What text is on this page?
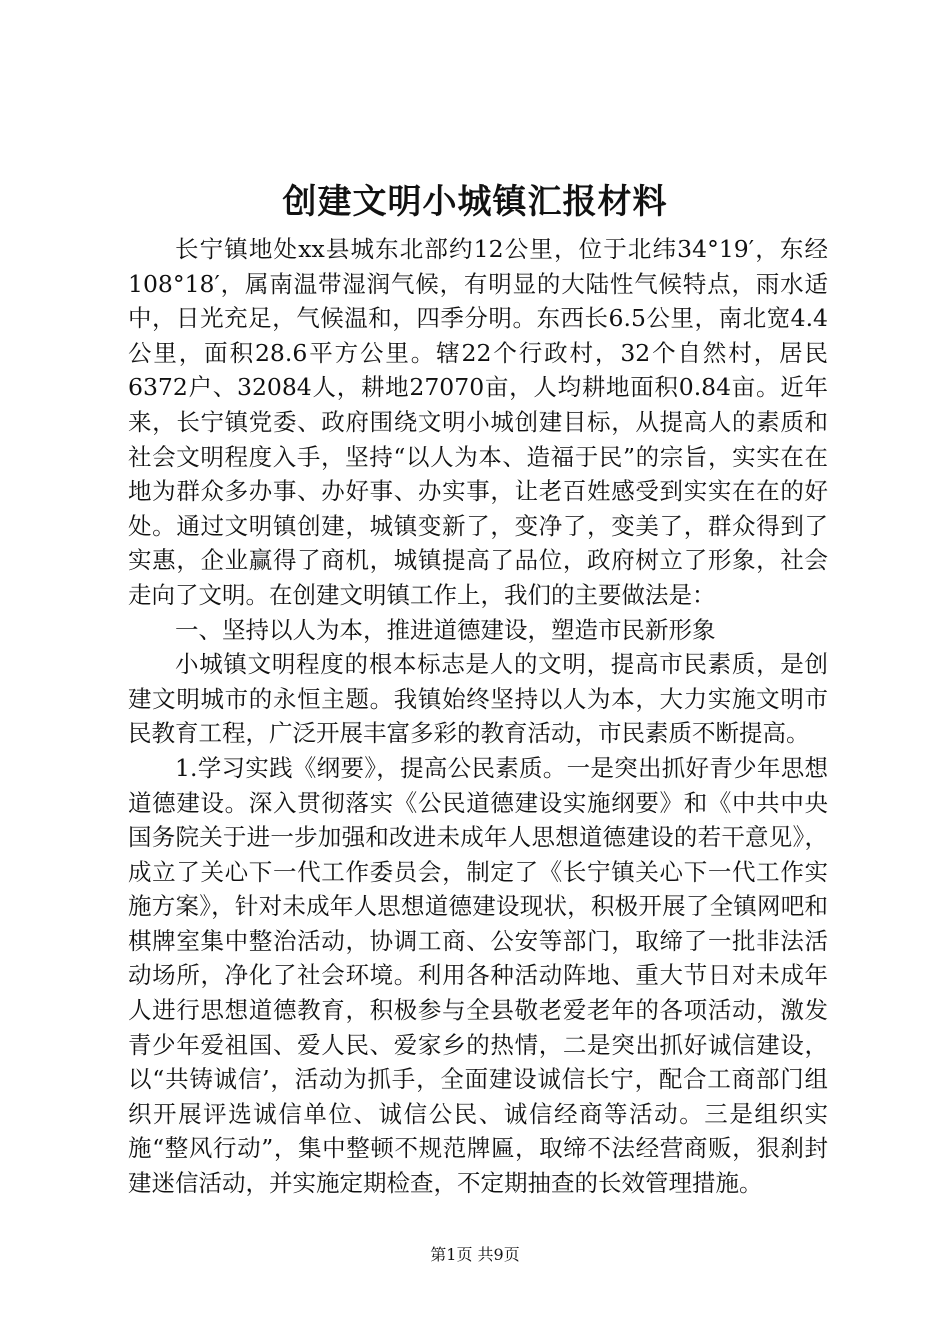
创建文明小城镇汇报材料

长宁镇地处xx县城东北部约12公里，位于北纬34°19′，东经108°18′，属南温带湿润气候，有明显的大陆性气候特点，雨水适中，日光充足，气候温和，四季分明。东西长6.5公里，南北宽4.4公里，面积28.6平方公里。辖22个行政村，32个自然村，居民6372户、32084人，耕地27070亩，人均耕地面积0.84亩。近年来，长宁镇党委、政府围绕文明小城创建目标，从提高人的素质和社会文明程度入手，坚持“以人为本、造福于民”的宗旨，实实在在地为群众多办事、办好事、办实事，让老百姓感受到实实在在的好处。通过文明镇创建，城镇变新了，变净了，变美了，群众得到了实惠，企业赢得了商机，城镇提高了品位，政府树立了形象，社会走向了文明。在创建文明镇工作上，我们的主要做法是：

一、坚持以人为本，推进道德建设，塑造市民新形象

小城镇文明程度的根本标志是人的文明，提高市民素质，是创建文明城市的永恒主题。我镇始终坚持以人为本，大力实施文明市民教育工程，广泛开展丰富多彩的教育活动，市民素质不断提高。

1.学习实践《纲要》，提高公民素质。一是突出抓好青少年思想道德建设。深入贯彻落实《公民道德建设实施纲要》和《中共中央国务院关于进一步加强和改进未成年人思想道德建设的若干意见》，成立了关心下一代工作委员会，制定了《长宁镇关心下一代工作实施方案》，针对未成年人思想道德建设现状，积极开展了全镇网吧和棋牌室集中整治活动，协调工商、公安等部门，取缔了一批非法活动场所，净化了社会环境。利用各种活动阵地、重大节日对未成年人进行思想道德教育，积极参与全县敬老爱老年的各项活动，激发青少年爱祖国、爱人民、爱家乡的热情，二是突出抓好诚信建设，以“共铸诚信’，活动为抓手，全面建设诚信长宁，配合工商部门组织开展评选诚信单位、诚信公民、诚信经商等活动。三是组织实施“整风行动”，集中整顿不规范牌匾，取缔不法经营商贩，狠刹封建迷信活动，并实施定期检查，不定期抽查的长效管理措施。

第1页 共9页
